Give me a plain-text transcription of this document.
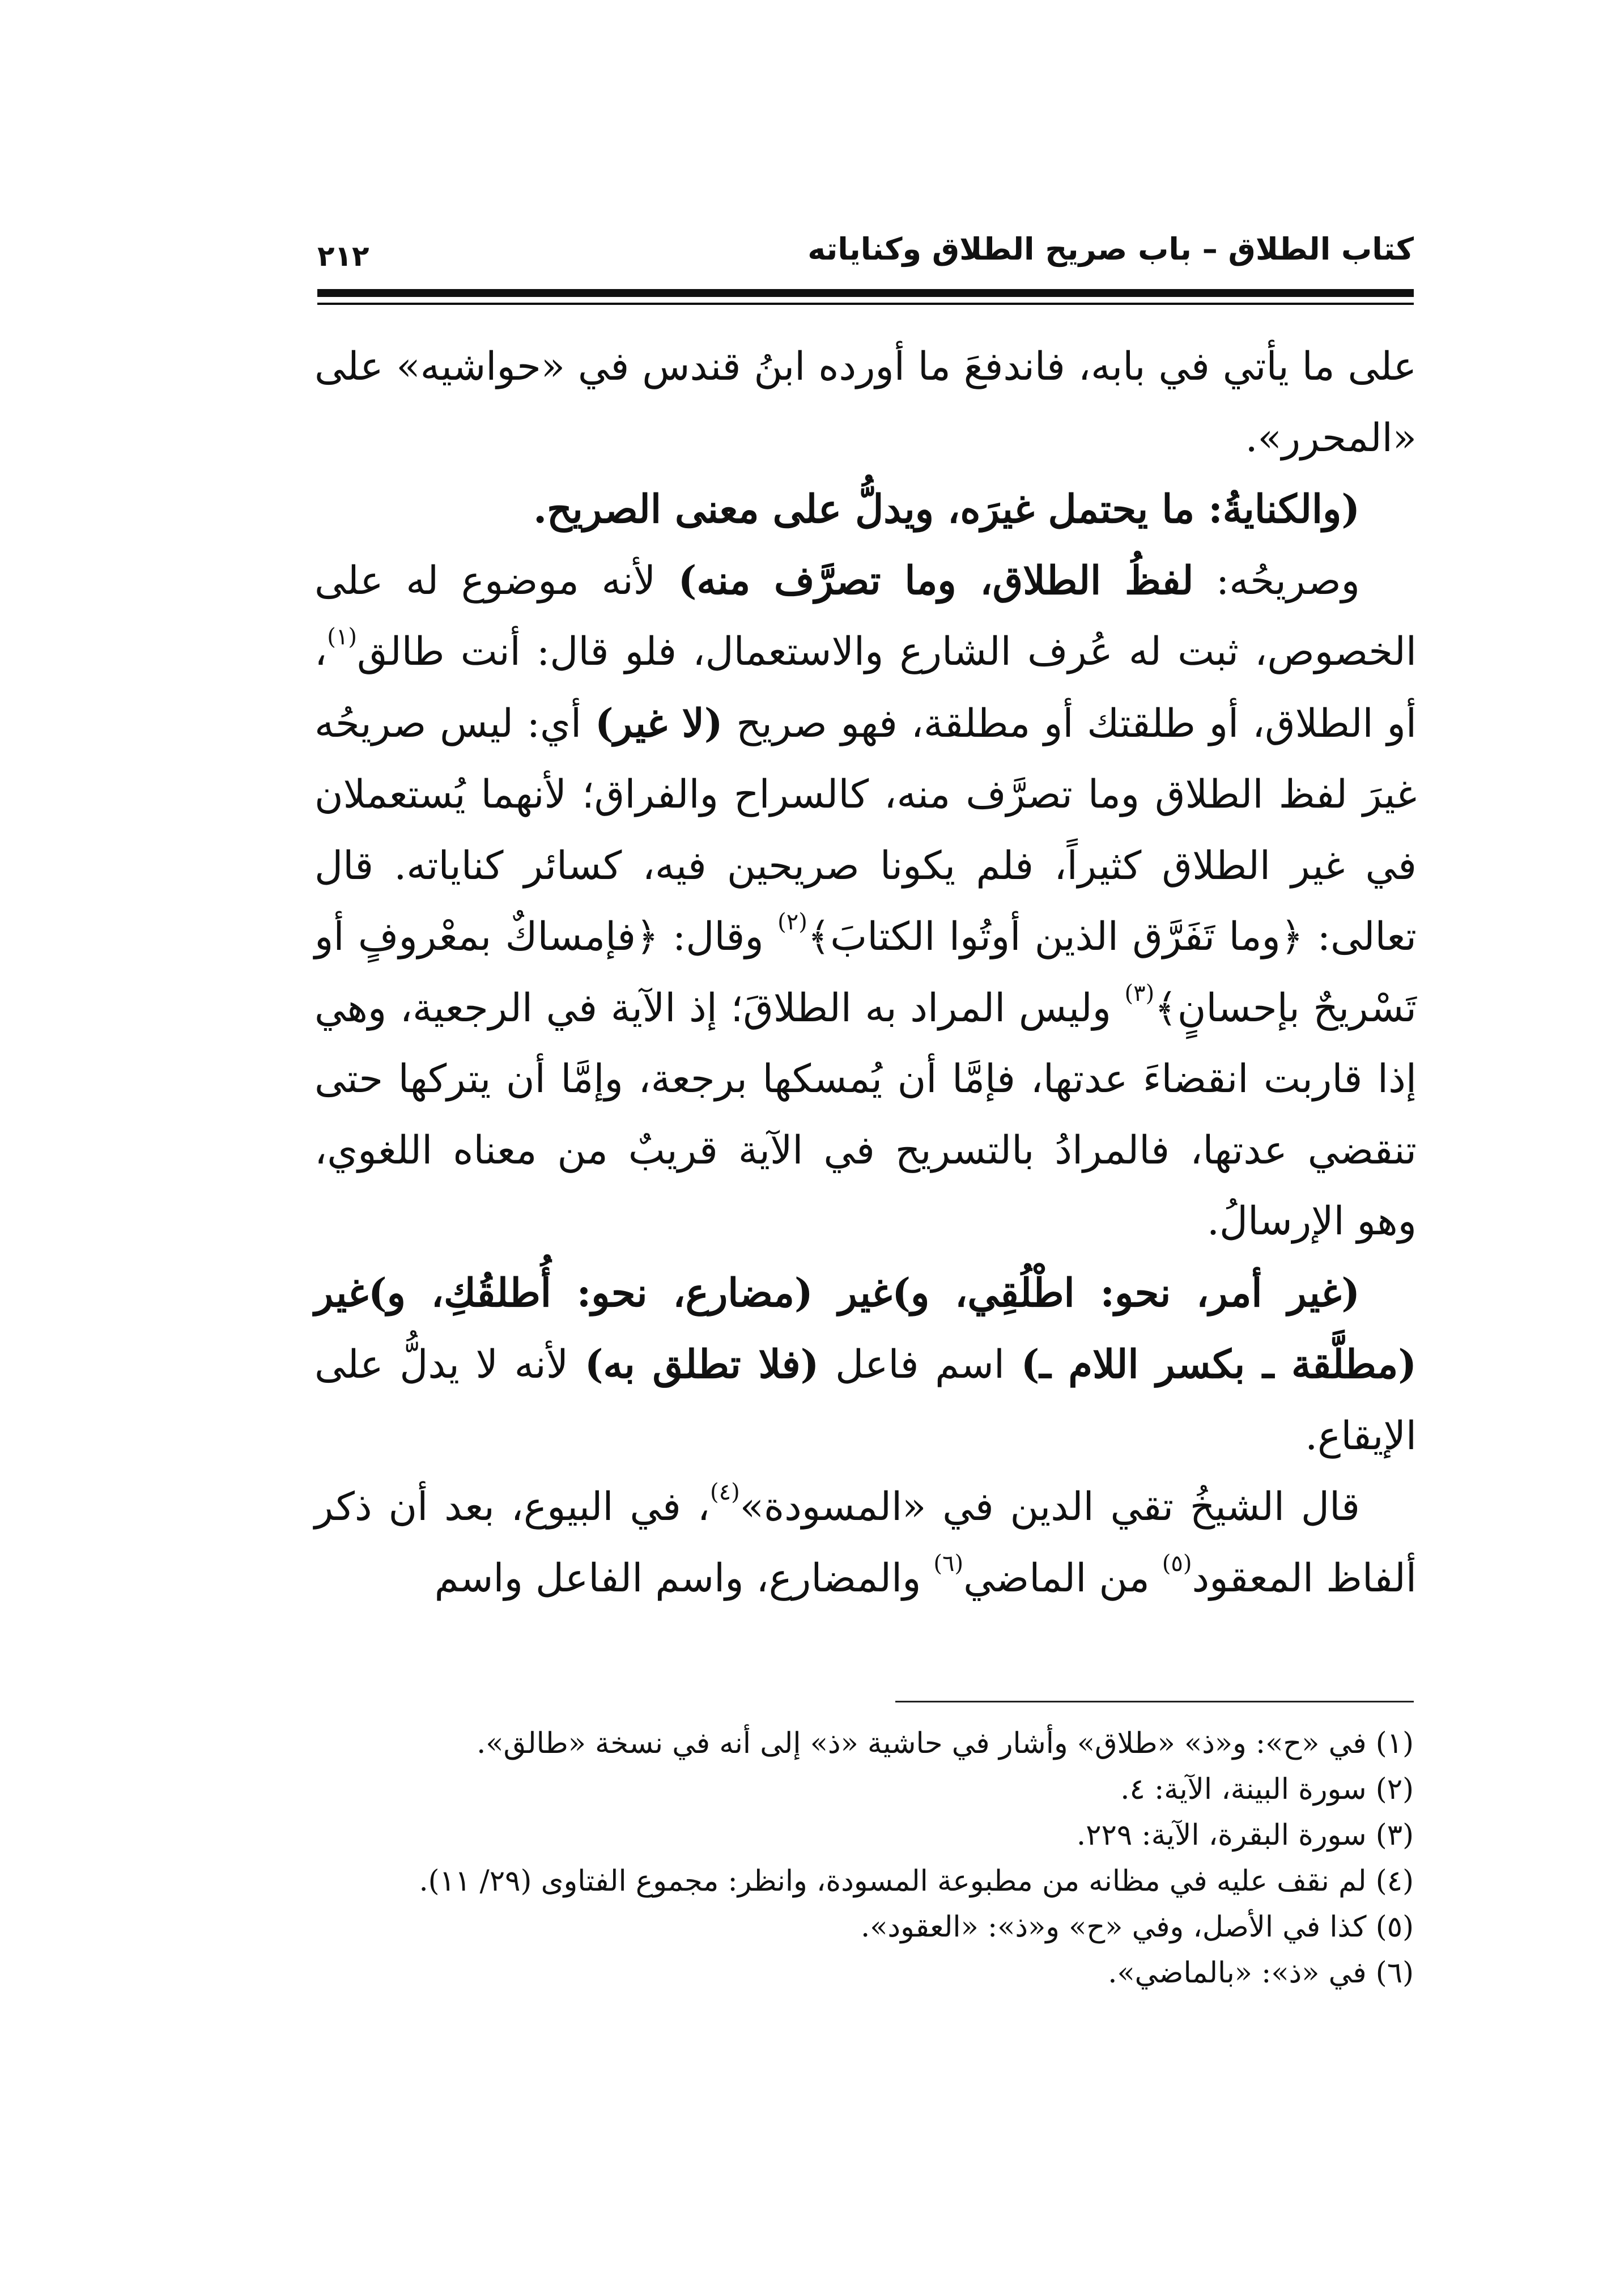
كتاب الطلاق – باب صريح الطلاق وكناياته
٢١٢

على ما يأتي في بابه، فاندفعَ ما أورده ابنُ قندس في «حواشيه» على «المحرر».

(والكنايةُ: ما يحتمل غيرَه، ويدلُّ على معنى الصريح.

وصريحُه: لفظُ الطلاق، وما تصرَّف منه) لأنه موضوع له على الخصوص، ثبت له عُرف الشارع والاستعمال، فلو قال: أنت طالق$^{(١)}$، أو الطلاق، أو طلقتك أو مطلقة، فهو صريح (لا غير) أي: ليس صريحُه غيرَ لفظ الطلاق وما تصرَّف منه، كالسراح والفراق؛ لأنهما يُستعملان في غير الطلاق كثيراً، فلم يكونا صريحين فيه، كسائر كناياته. قال تعالى: ﴿وما تَفَرَّق الذين أوتُوا الكتابَ﴾$^{(٢)}$ وقال: ﴿فإمساكٌ بمعْروفٍ أو تَسْريحٌ بإحسانٍ﴾$^{(٣)}$ وليس المراد به الطلاقَ؛ إذ الآية في الرجعية، وهي إذا قاربت انقضاءَ عدتها، فإمَّا أن يُمسكها برجعة، وإمَّا أن يتركها حتى تنقضي عدتها، فالمرادُ بالتسريح في الآية قريبٌ من معناه اللغوي، وهو الإرسالُ.

(غير أمر، نحو: اطْلُقِي، و)غير (مضارع، نحو: أُطلقُكِ، و)غير (مطلَّقة ـ بكسر اللام ـ) اسم فاعل (فلا تطلق به) لأنه لا يدلُّ على الإيقاع.

قال الشيخُ تقي الدين في «المسودة»$^{(٤)}$، في البيوع، بعد أن ذكر ألفاظ المعقود$^{(٥)}$ من الماضي$^{(٦)}$ والمضارع، واسم الفاعل واسم

(١) في «ح»: و«ذ» «طلاق» وأشار في حاشية «ذ» إلى أنه في نسخة «طالق».

(٢) سورة البينة، الآية: ٤.

(٣) سورة البقرة، الآية: ٢٢٩.

(٤) لم نقف عليه في مظانه من مطبوعة المسودة، وانظر: مجموع الفتاوى (٢٩/ ١١).

(٥) كذا في الأصل، وفي «ح» و«ذ»: «العقود».

(٦) في «ذ»: «بالماضي».
